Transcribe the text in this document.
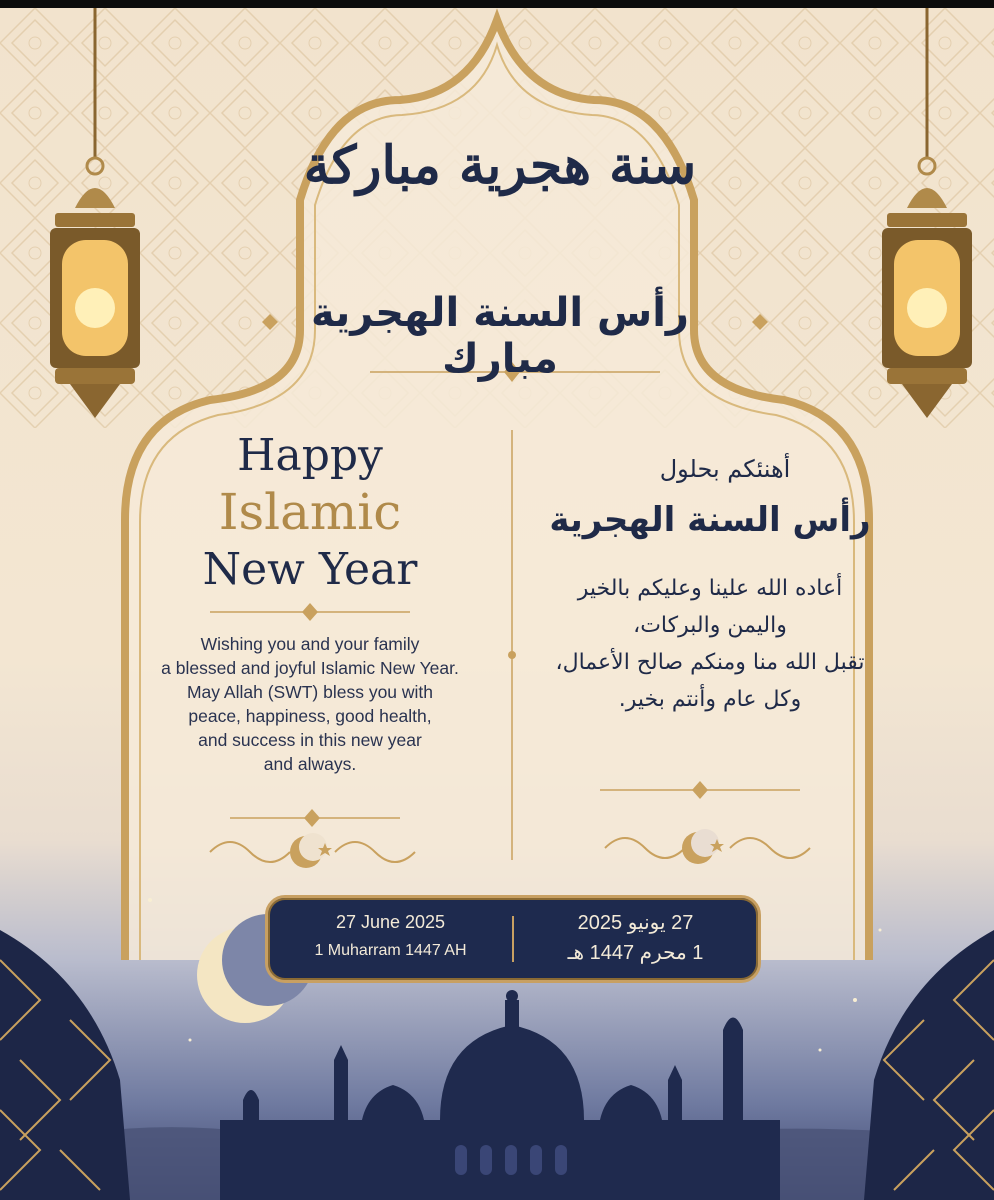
سنة هجرية مباركة
رأس السنة الهجرية مبارك
Happy
Islamic
New Year
Wishing you and your family
a blessed and joyful Islamic New Year.
May Allah (SWT) bless you with
peace, happiness, good health,
and success in this new year
and always.
أهنئكم بحلول
رأس السنة الهجرية
أعاده الله علينا وعليكم بالخير
واليمن والبركات،
تقبل الله منا ومنكم صالح الأعمال،
وكل عام وأنتم بخير.
27 June 2025
1 Muharram 1447 AH
27 يونيو 2025
1 محرم 1447 هـ
